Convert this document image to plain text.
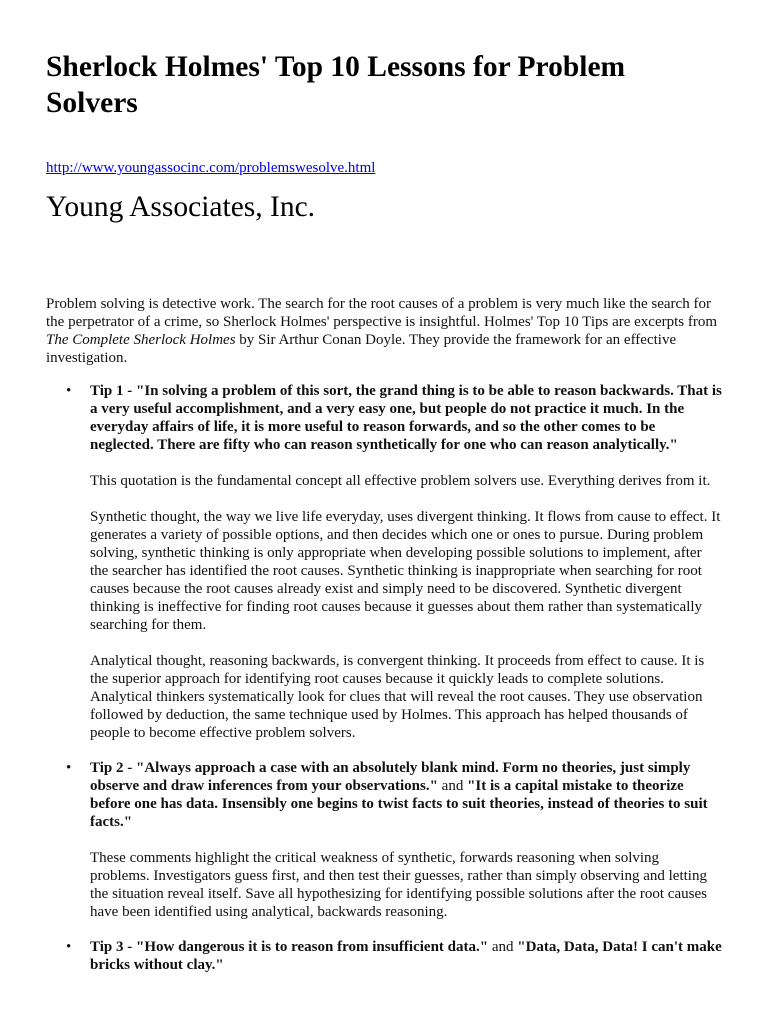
Sherlock Holmes' Top 10 Lessons for Problem Solvers
http://www.youngassocinc.com/problemswesolve.html
Young Associates, Inc.

Problem solving is detective work. The search for the root causes of a problem is very much like the search for the perpetrator of a crime, so Sherlock Holmes' perspective is insightful. Holmes' Top 10 Tips are excerpts from The Complete Sherlock Holmes by Sir Arthur Conan Doyle. They provide the framework for an effective investigation.

• Tip 1 - "In solving a problem of this sort, the grand thing is to be able to reason backwards. That is a very useful accomplishment, and a very easy one, but people do not practice it much. In the everyday affairs of life, it is more useful to reason forwards, and so the other comes to be neglected. There are fifty who can reason synthetically for one who can reason analytically."

This quotation is the fundamental concept all effective problem solvers use. Everything derives from it.

Synthetic thought, the way we live life everyday, uses divergent thinking. It flows from cause to effect. It generates a variety of possible options, and then decides which one or ones to pursue. During problem solving, synthetic thinking is only appropriate when developing possible solutions to implement, after the searcher has identified the root causes. Synthetic thinking is inappropriate when searching for root causes because the root causes already exist and simply need to be discovered. Synthetic divergent thinking is ineffective for finding root causes because it guesses about them rather than systematically searching for them.

Analytical thought, reasoning backwards, is convergent thinking. It proceeds from effect to cause. It is the superior approach for identifying root causes because it quickly leads to complete solutions. Analytical thinkers systematically look for clues that will reveal the root causes. They use observation followed by deduction, the same technique used by Holmes. This approach has helped thousands of people to become effective problem solvers.

• Tip 2 - "Always approach a case with an absolutely blank mind. Form no theories, just simply observe and draw inferences from your observations." and "It is a capital mistake to theorize before one has data. Insensibly one begins to twist facts to suit theories, instead of theories to suit facts."

These comments highlight the critical weakness of synthetic, forwards reasoning when solving problems. Investigators guess first, and then test their guesses, rather than simply observing and letting the situation reveal itself. Save all hypothesizing for identifying possible solutions after the root causes have been identified using analytical, backwards reasoning.

• Tip 3 - "How dangerous it is to reason from insufficient data." and "Data, Data, Data! I can't make bricks without clay."
